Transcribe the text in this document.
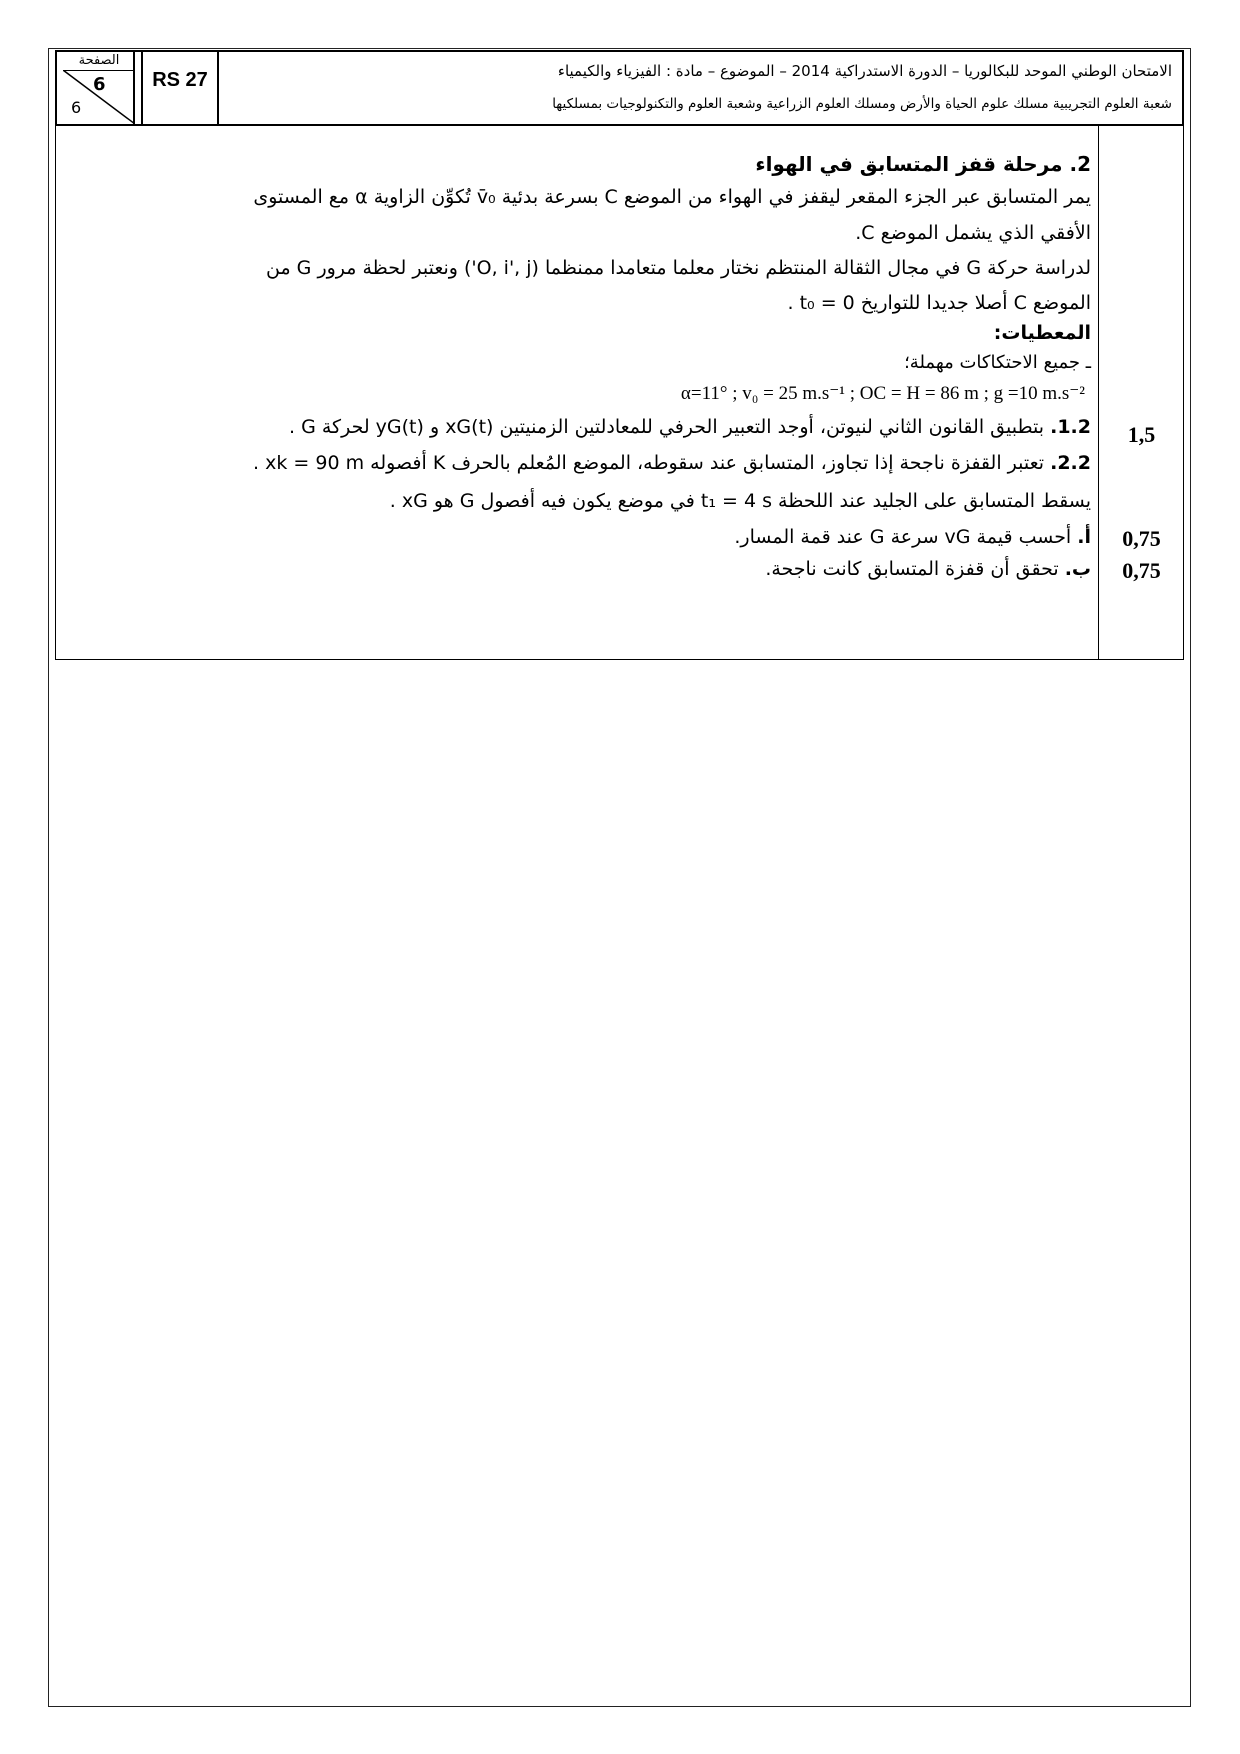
الصفحة
6
6
RS 27	الامتحان الوطني الموحد للبكالوريا – الدورة الاستدراكية 2014 – الموضوع – مادة : الفيزياء والكيمياء
شعبة العلوم التجريبية مسلك علوم الحياة والأرض ومسلك العلوم الزراعية وشعبة العلوم والتكنولوجيات بمسلكيها
2. مرحلة قفز المتسابق في الهواء
يمر المتسابق عبر الجزء المقعر ليقفز في الهواء من الموضع C بسرعة بدئية v̄₀ تُكوِّن الزاوية α مع المستوى
الأفقي الذي يشمل الموضع C.
لدراسة حركة G في مجال الثقالة المنتظم نختار معلما متعامدا ممنظما (O, i', j') ونعتبر لحظة مرور G من
الموضع C أصلا جديدا للتواريخ t₀ = 0 .
المعطيات:
ـ جميع الاحتكاكات مهملة؛
α=11° ; v₀ = 25 m.s⁻¹ ; OC = H = 86 m ; g =10 m.s⁻²
1.2. بتطبيق القانون الثاني لنيوتن، أوجد التعبير الحرفي للمعادلتين الزمنيتين xG(t) و yG(t) لحركة G .
2.2. تعتبر القفزة ناجحة إذا تجاوز، المتسابق عند سقوطه، الموضع المُعلم بالحرف K أفصوله xk = 90 m .
يسقط المتسابق على الجليد عند اللحظة t₁ = 4 s في موضع يكون فيه أفصول G هو xG .
أ. أحسب قيمة vG سرعة G عند قمة المسار.
ب. تحقق أن قفزة المتسابق كانت ناجحة.
1,5
0,75
0,75
